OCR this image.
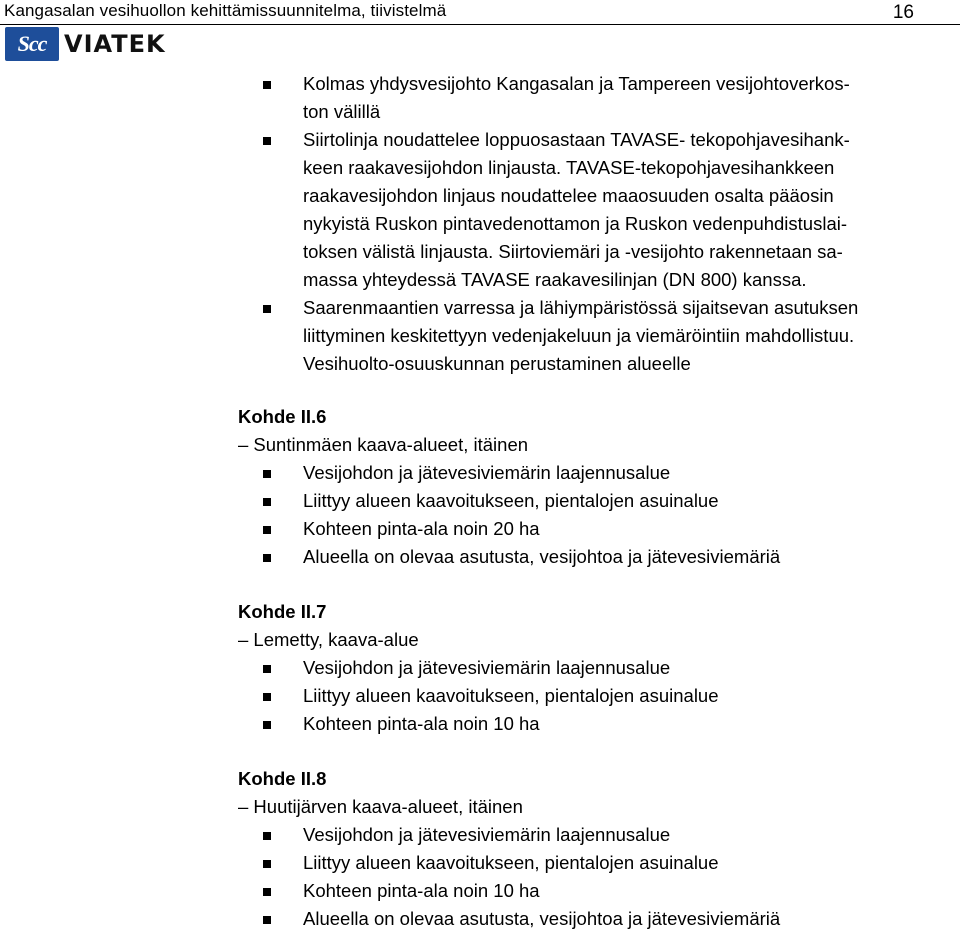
Kangasalan vesihuollon kehittämissuunnitelma, tiivistelmä	16
Scc VIATEK
Kolmas yhdysvesijohto Kangasalan ja Tampereen vesijohtoverkos-
ton välillä
Siirtolinja noudattelee loppuosastaan TAVASE- tekopohjavesihank-
keen raakavesijohdon linjausta. TAVASE-tekopohjavesihankkeen
raakavesijohdon linjaus noudattelee maaosuuden osalta pääosin
nykyistä Ruskon pintavedenottamon ja Ruskon vedenpuhdistuslai-
toksen välistä linjausta. Siirtoviemäri ja -vesijohto rakennetaan sa-
massa yhteydessä TAVASE raakavesilinjan (DN 800) kanssa.
Saarenmaantien varressa ja lähiympäristössä sijaitsevan asutuksen
liittyminen keskitettyyn vedenjakeluun ja viemäröintiin mahdollistuu.
Vesihuolto-osuuskunnan perustaminen alueelle
Kohde II.6
– Suntinmäen kaava-alueet, itäinen
Vesijohdon ja jätevesiviemärin laajennusalue
Liittyy alueen kaavoitukseen, pientalojen asuinalue
Kohteen pinta-ala noin 20 ha
Alueella on olevaa asutusta, vesijohtoa ja jätevesiviemäriä
Kohde II.7
– Lemetty, kaava-alue
Vesijohdon ja jätevesiviemärin laajennusalue
Liittyy alueen kaavoitukseen, pientalojen asuinalue
Kohteen pinta-ala noin 10 ha
Kohde II.8
– Huutijärven kaava-alueet, itäinen
Vesijohdon ja jätevesiviemärin laajennusalue
Liittyy alueen kaavoitukseen, pientalojen asuinalue
Kohteen pinta-ala noin 10 ha
Alueella on olevaa asutusta, vesijohtoa ja jätevesiviemäriä
